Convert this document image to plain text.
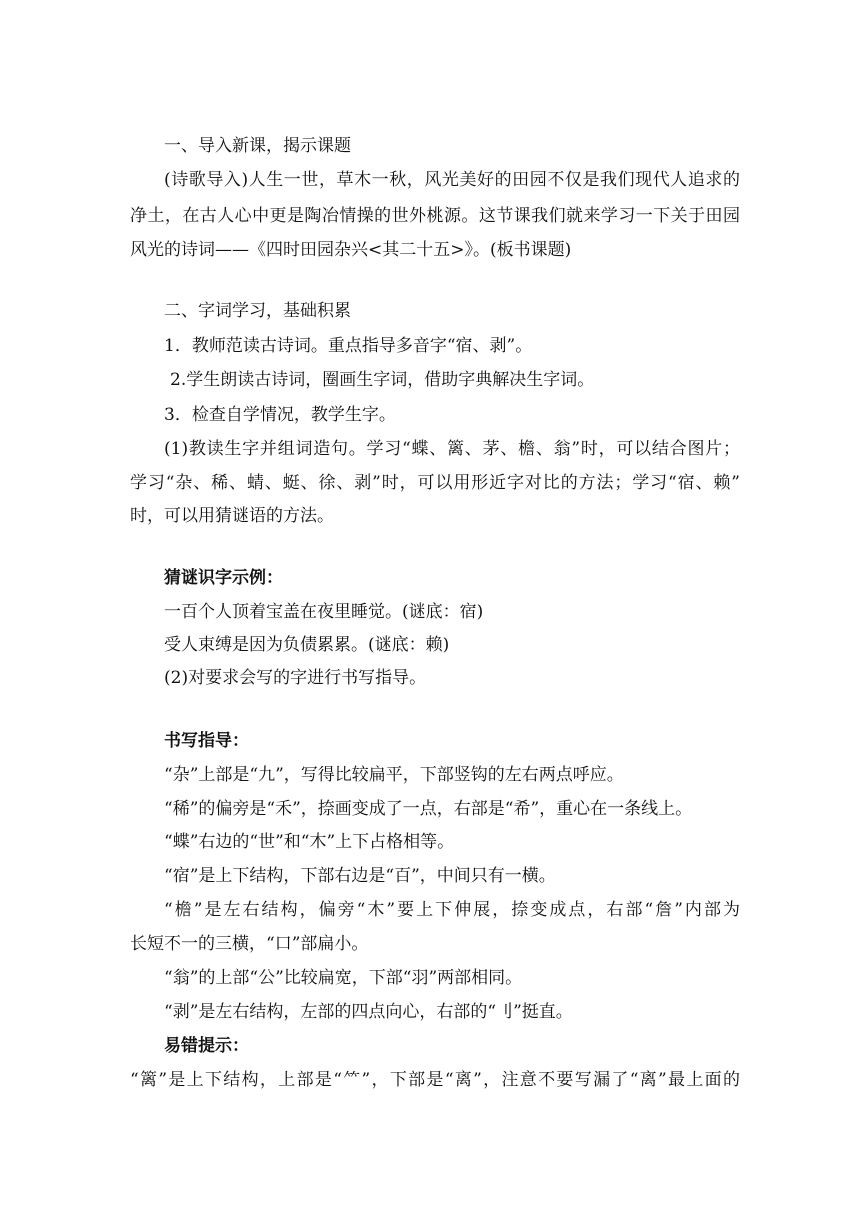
一、导入新课，揭示课题

(诗歌导入)人生一世，草木一秋，风光美好的田园不仅是我们现代人追求的

净土，在古人心中更是陶冶情操的世外桃源。这节课我们就来学习一下关于田园

风光的诗词——《四时田园杂兴<其二十五>》。(板书课题)

二、字词学习，基础积累

1．教师范读古诗词。重点指导多音字“宿、剥”。

2.学生朗读古诗词，圈画生字词，借助字典解决生字词。

3．检查自学情况，教学生字。

(1)教读生字并组词造句。学习“蝶、篱、茅、檐、翁”时，可以结合图片；

学习“杂、稀、蜻、蜓、徐、剥”时，可以用形近字对比的方法；学习“宿、赖”

时，可以用猜谜语的方法。

猜谜识字示例：

一百个人顶着宝盖在夜里睡觉。(谜底：宿)

受人束缚是因为负债累累。(谜底：赖)

(2)对要求会写的字进行书写指导。

书写指导：

“杂”上部是“九”，写得比较扁平，下部竖钩的左右两点呼应。

“稀”的偏旁是“禾”，捺画变成了一点，右部是“希”，重心在一条线上。

“蝶”右边的“世”和“木”上下占格相等。

“宿”是上下结构，下部右边是“百”，中间只有一横。

“檐”是左右结构，偏旁“木”要上下伸展，捺变成点，右部“詹”内部为

长短不一的三横，“口”部扁小。

“翁”的上部“公”比较扁宽，下部“羽”两部相同。

“剥”是左右结构，左部的四点向心，右部的“刂”挺直。

易错提示：

“篱”是上下结构，上部是“⺮”，下部是“离”，注意不要写漏了“离”最上面的
